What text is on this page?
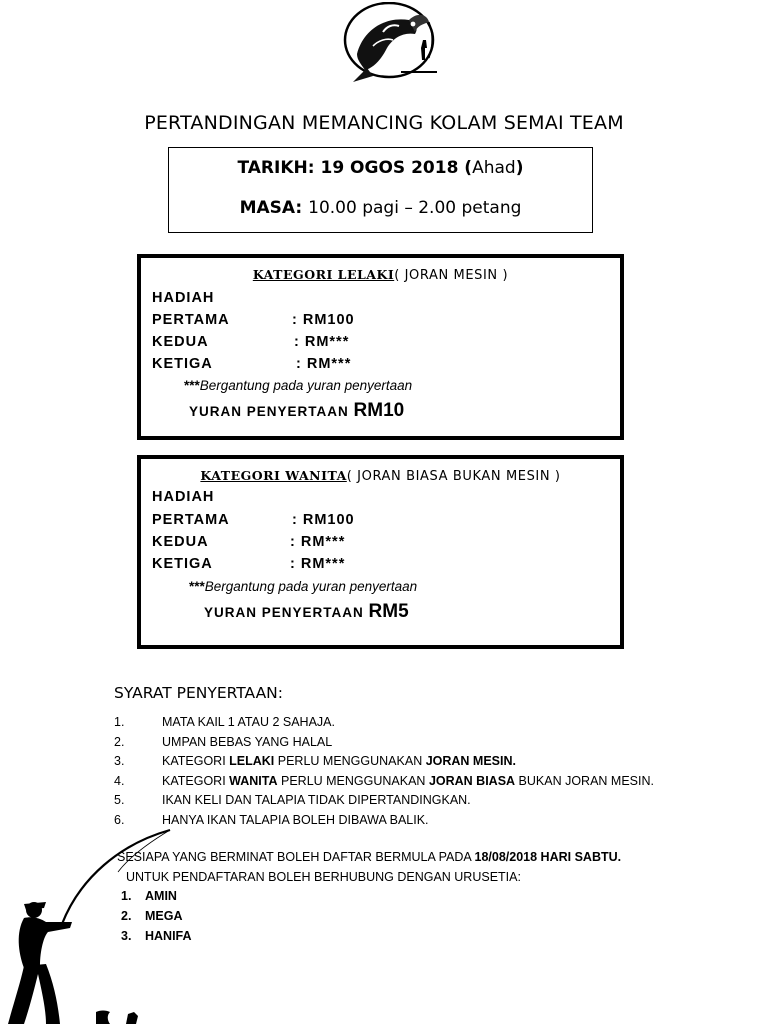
PERTANDINGAN MEMANCING KOLAM SEMAI TEAM
TARIKH: 19 OGOS 2018 (Ahad)
MASA: 10.00 pagi – 2.00 petang
KATEGORI LELAKI( JORAN MESIN )
HADIAH
PERTAMA	: RM100
KEDUA	: RM***
KETIGA	: RM***
***Bergantung pada yuran penyertaan
YURAN PENYERTAAN RM10
KATEGORI WANITA( JORAN BIASA BUKAN MESIN )
HADIAH
PERTAMA	: RM100
KEDUA	: RM***
KETIGA	: RM***
***Bergantung pada yuran penyertaan
YURAN PENYERTAAN RM5
SYARAT PENYERTAAN:
1.	MATA KAIL 1 ATAU 2 SAHAJA.
2.	UMPAN BEBAS YANG HALAL
3.	KATEGORI LELAKI PERLU MENGGUNAKAN JORAN MESIN.
4.	KATEGORI WANITA PERLU MENGGUNAKAN JORAN BIASA BUKAN JORAN MESIN.
5.	IKAN KELI DAN TALAPIA TIDAK DIPERTANDINGKAN.
6.	HANYA IKAN TALAPIA BOLEH DIBAWA BALIK.
SESIAPA YANG BERMINAT BOLEH DAFTAR BERMULA PADA 18/08/2018 HARI SABTU.
UNTUK PENDAFTARAN BOLEH BERHUBUNG DENGAN URUSETIA:
1. AMIN
2. MEGA
3. HANIFA
